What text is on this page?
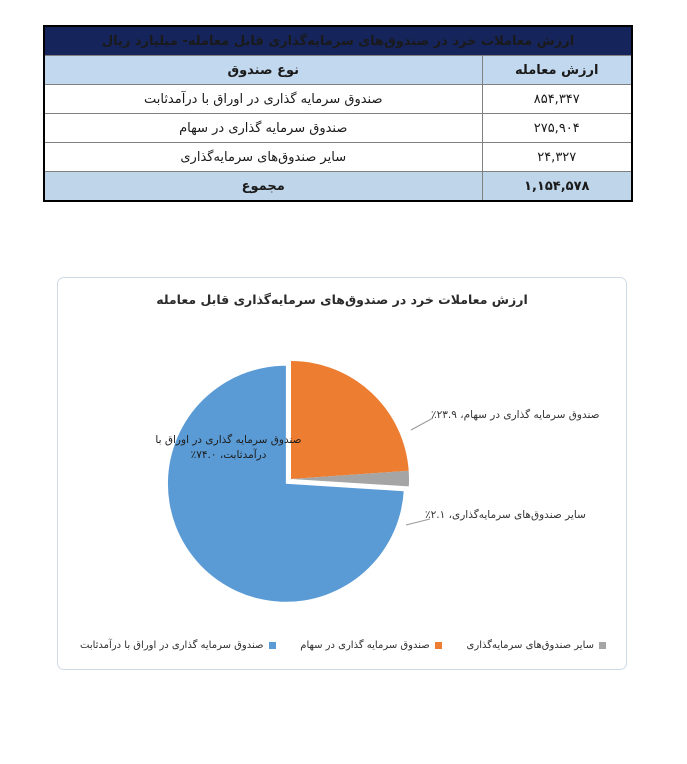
ارزش معاملات خرد در صندوق‌های سرمایه‌گذاری قابل معامله- میلیارد ریال	
ارزش معامله	نوع صندوق
۸۵۴,۳۴۷	صندوق سرمایه گذاری در اوراق با درآمدثابت
۲۷۵,۹۰۴	صندوق سرمایه گذاری در سهام
۲۴,۳۲۷	سایر صندوق‌های سرمایه‌گذاری
۱,۱۵۴,۵۷۸	مجموع
ارزش معاملات خرد در صندوق‌های سرمایه‌گذاری قابل معامله
صندوق سرمایه گذاری در اوراق با
درآمدثابت، ۷۴.۰٪
صندوق سرمایه گذاری در سهام، ۲۳.۹٪
سایر صندوق‌های سرمایه‌گذاری، ۲.۱٪
سایر صندوق‌های سرمایه‌گذاری
صندوق سرمایه گذاری در سهام
صندوق سرمایه گذاری در اوراق با درآمدثابت
